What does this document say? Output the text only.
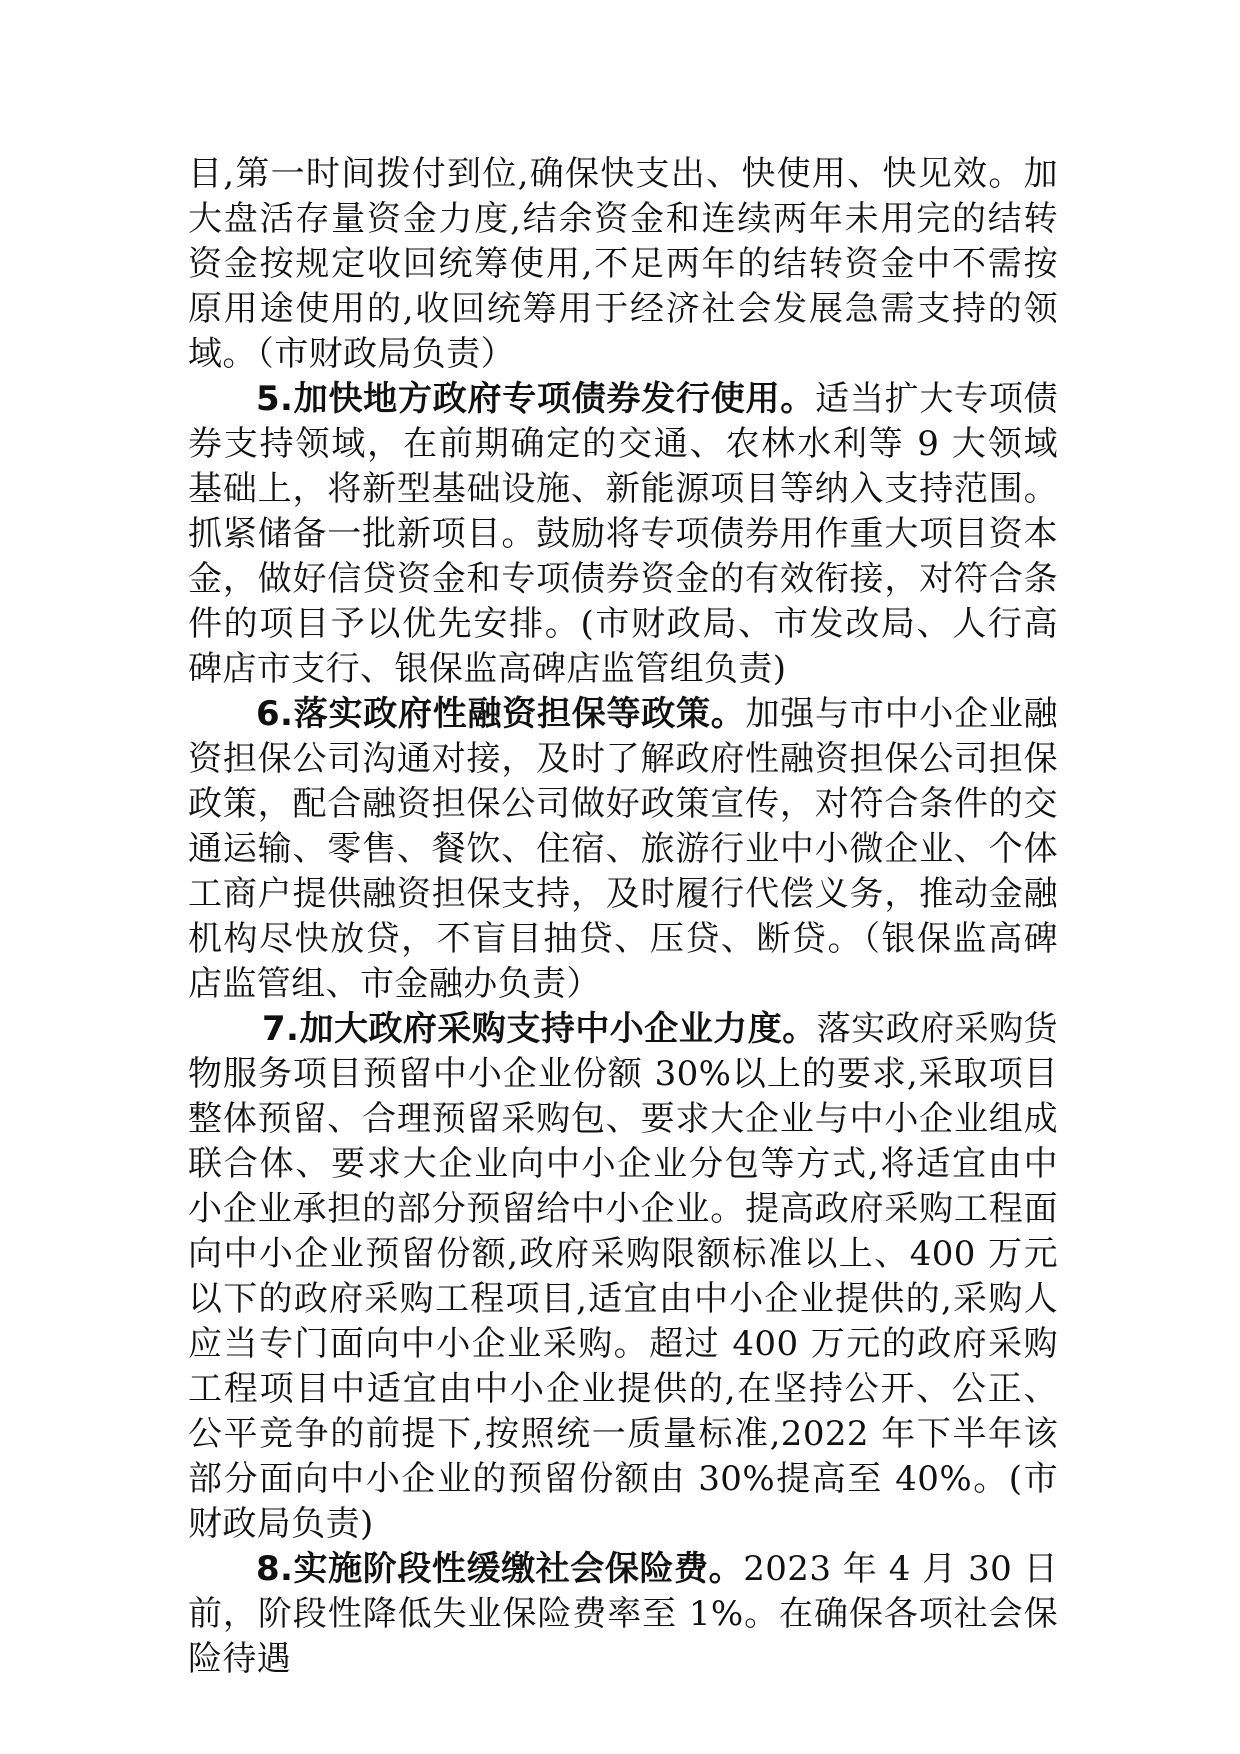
目,第一时间拨付到位,确保快支出、快使用、快见效。加大盘活存量资金力度,结余资金和连续两年未用完的结转资金按规定收回统筹使用,不足两年的结转资金中不需按原用途使用的,收回统筹用于经济社会发展急需支持的领域。（市财政局负责）

5.加快地方政府专项债券发行使用。适当扩大专项债券支持领域，在前期确定的交通、农林水利等 9 大领域基础上，将新型基础设施、新能源项目等纳入支持范围。抓紧储备一批新项目。鼓励将专项债券用作重大项目资本金，做好信贷资金和专项债券资金的有效衔接，对符合条件的项目予以优先安排。(市财政局、市发改局、人行高碑店市支行、银保监高碑店监管组负责)

6.落实政府性融资担保等政策。加强与市中小企业融资担保公司沟通对接，及时了解政府性融资担保公司担保政策，配合融资担保公司做好政策宣传，对符合条件的交通运输、零售、餐饮、住宿、旅游行业中小微企业、个体工商户提供融资担保支持，及时履行代偿义务，推动金融机构尽快放贷，不盲目抽贷、压贷、断贷。（银保监高碑店监管组、市金融办负责）

7.加大政府采购支持中小企业力度。落实政府采购货物服务项目预留中小企业份额 30%以上的要求,采取项目整体预留、合理预留采购包、要求大企业与中小企业组成联合体、要求大企业向中小企业分包等方式,将适宜由中小企业承担的部分预留给中小企业。提高政府采购工程面向中小企业预留份额,政府采购限额标准以上、400 万元以下的政府采购工程项目,适宜由中小企业提供的,采购人应当专门面向中小企业采购。超过 400 万元的政府采购工程项目中适宜由中小企业提供的,在坚持公开、公正、公平竞争的前提下,按照统一质量标准,2022 年下半年该部分面向中小企业的预留份额由 30%提高至 40%。(市财政局负责)

8.实施阶段性缓缴社会保险费。2023 年 4 月 30 日前，阶段性降低失业保险费率至 1%。在确保各项社会保险待遇
